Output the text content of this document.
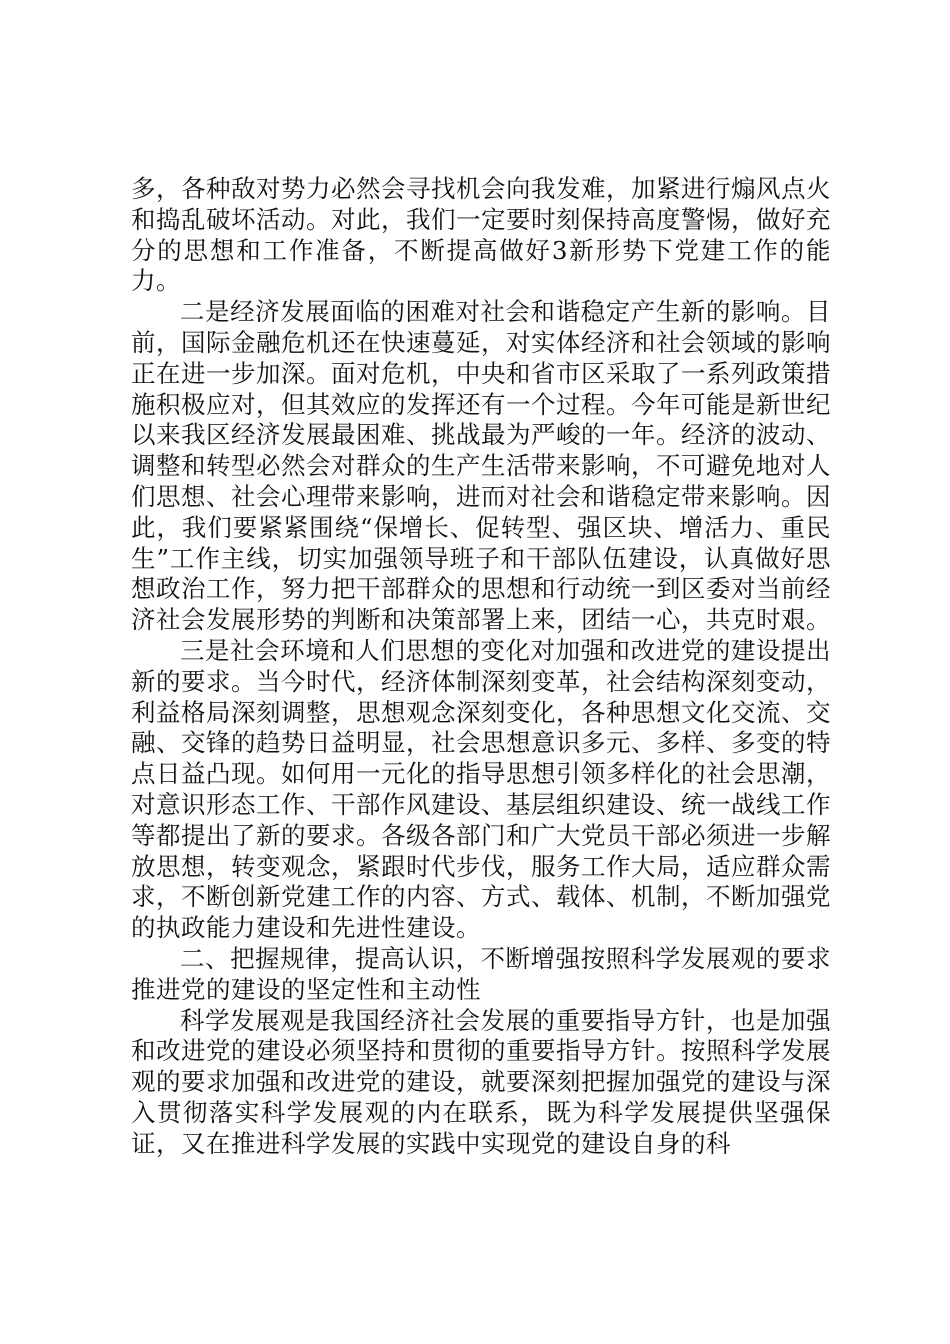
多，各种敌对势力必然会寻找机会向我发难，加紧进行煽风点火和捣乱破坏活动。对此，我们一定要时刻保持高度警惕，做好充分的思想和工作准备，不断提高做好3新形势下党建工作的能力。

二是经济发展面临的困难对社会和谐稳定产生新的影响。目前，国际金融危机还在快速蔓延，对实体经济和社会领域的影响正在进一步加深。面对危机，中央和省市区采取了一系列政策措施积极应对，但其效应的发挥还有一个过程。今年可能是新世纪以来我区经济发展最困难、挑战最为严峻的一年。经济的波动、调整和转型必然会对群众的生产生活带来影响，不可避免地对人们思想、社会心理带来影响，进而对社会和谐稳定带来影响。因此，我们要紧紧围绕“保增长、促转型、强区块、增活力、重民生”工作主线，切实加强领导班子和干部队伍建设，认真做好思想政治工作，努力把干部群众的思想和行动统一到区委对当前经济社会发展形势的判断和决策部署上来，团结一心，共克时艰。

三是社会环境和人们思想的变化对加强和改进党的建设提出新的要求。当今时代，经济体制深刻变革，社会结构深刻变动，利益格局深刻调整，思想观念深刻变化，各种思想文化交流、交融、交锋的趋势日益明显，社会思想意识多元、多样、多变的特点日益凸现。如何用一元化的指导思想引领多样化的社会思潮，对意识形态工作、干部作风建设、基层组织建设、统一战线工作等都提出了新的要求。各级各部门和广大党员干部必须进一步解放思想，转变观念，紧跟时代步伐，服务工作大局，适应群众需求，不断创新党建工作的内容、方式、载体、机制，不断加强党的执政能力建设和先进性建设。

二、把握规律，提高认识，不断增强按照科学发展观的要求推进党的建设的坚定性和主动性

科学发展观是我国经济社会发展的重要指导方针，也是加强和改进党的建设必须坚持和贯彻的重要指导方针。按照科学发展观的要求加强和改进党的建设，就要深刻把握加强党的建设与深入贯彻落实科学发展观的内在联系，既为科学发展提供坚强保证，又在推进科学发展的实践中实现党的建设自身的科
